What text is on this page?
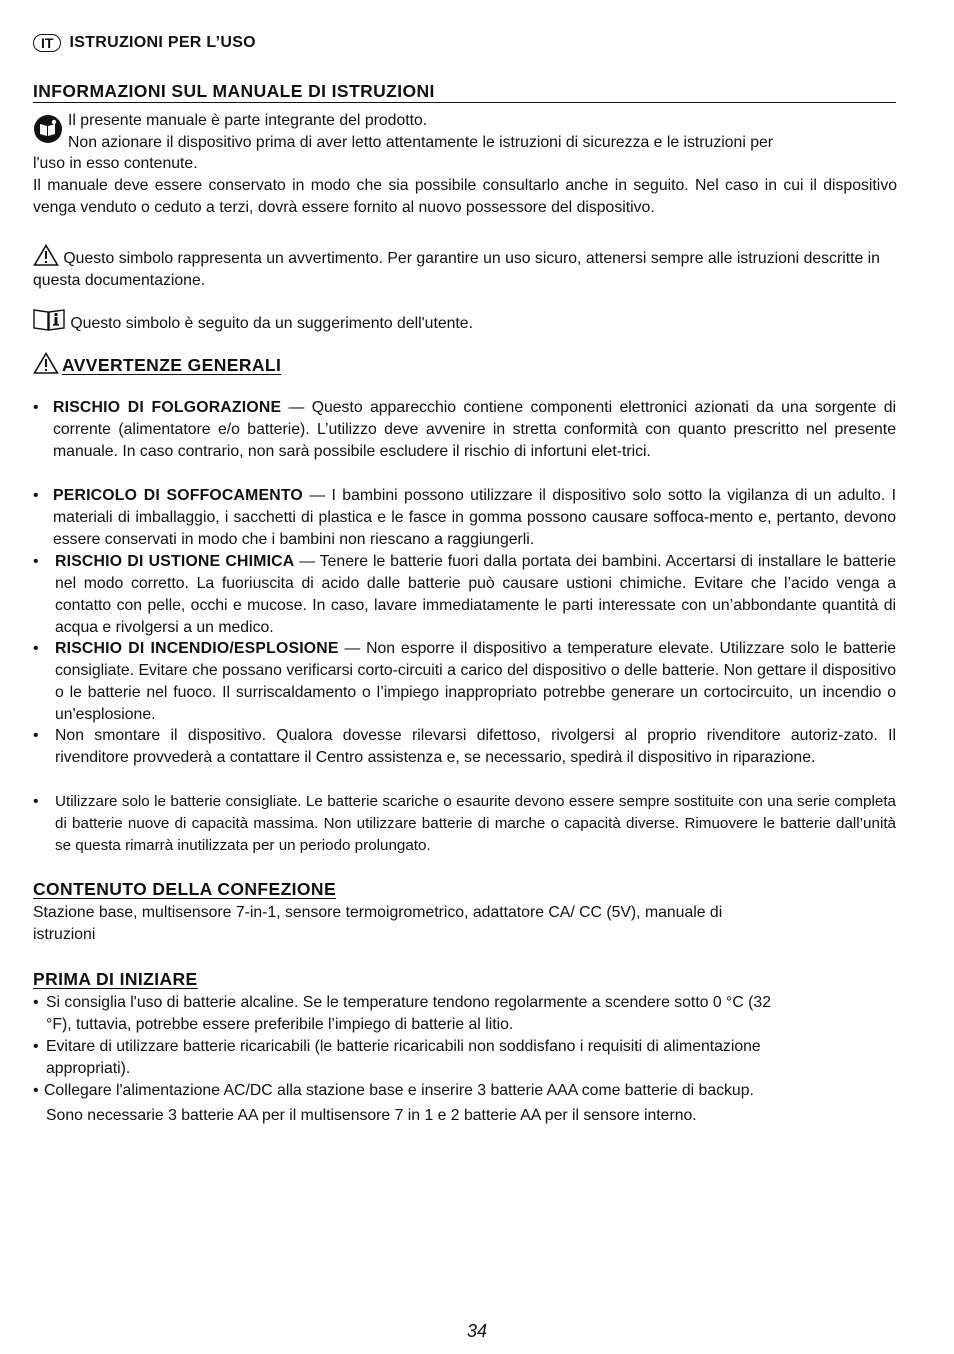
IT	ISTRUZIONI PER L’USO
INFORMAZIONI SUL MANUALE DI ISTRUZIONI
Il presente manuale è parte integrante del prodotto.
Non azionare il dispositivo prima di aver letto attentamente le istruzioni di sicurezza e le istruzioni per
l'uso in esso contenute.
Il manuale deve essere conservato in modo che sia possibile consultarlo anche in seguito. Nel caso in cui il dispositivo venga venduto o ceduto a terzi, dovrà essere fornito al nuovo possessore del dispositivo.
Questo simbolo rappresenta un avvertimento. Per garantire un uso sicuro, attenersi sempre alle istruzioni descritte in questa documentazione.
Questo simbolo è seguito da un suggerimento dell'utente.
AVVERTENZE GENERALI
• RISCHIO DI FOLGORAZIONE — Questo apparecchio contiene componenti elettronici azionati da una sorgente di corrente (alimentatore e/o batterie). L’utilizzo deve avvenire in stretta conformità con quanto prescritto nel presente manuale. In caso contrario, non sarà possibile escludere il rischio di infortuni elet-trici.
• PERICOLO DI SOFFOCAMENTO — I bambini possono utilizzare il dispositivo solo sotto la vigilanza di un adulto. I materiali di imballaggio, i sacchetti di plastica e le fasce in gomma possono causare soffoca-mento e, pertanto, devono essere conservati in modo che i bambini non riescano a raggiungerli.
• RISCHIO DI USTIONE CHIMICA — Tenere le batterie fuori dalla portata dei bambini. Accertarsi di installare le batterie nel modo corretto. La fuoriuscita di acido dalle batterie può causare ustioni chimiche. Evitare che l’acido venga a contatto con pelle, occhi e mucose. In caso, lavare immediatamente le parti interessate con un’abbondante quantità di acqua e rivolgersi a un medico.
• RISCHIO DI INCENDIO/ESPLOSIONE — Non esporre il dispositivo a temperature elevate. Utilizzare solo le batterie consigliate. Evitare che possano verificarsi corto-circuiti a carico del dispositivo o delle batterie. Non gettare il dispositivo o le batterie nel fuoco. Il surriscaldamento o l’impiego inappropriato potrebbe generare un cortocircuito, un incendio o un'esplosione.
• Non smontare il dispositivo. Qualora dovesse rilevarsi difettoso, rivolgersi al proprio rivenditore autoriz-zato. Il rivenditore provvederà a contattare il Centro assistenza e, se necessario, spedirà il dispositivo in riparazione.
• Utilizzare solo le batterie consigliate. Le batterie scariche o esaurite devono essere sempre sostituite con una serie completa di batterie nuove di capacità massima. Non utilizzare batterie di marche o capacità diverse. Rimuovere le batterie dall’unità se questa rimarrà inutilizzata per un periodo prolungato.
CONTENUTO DELLA CONFEZIONE
Stazione base, multisensore 7-in-1, sensore termoigrometrico, adattatore CA/ CC (5V), manuale di
istruzioni
PRIMA DI INIZIARE
• Si consiglia l'uso di batterie alcaline. Se le temperature tendono regolarmente a scendere sotto 0 °C (32
°F), tuttavia, potrebbe essere preferibile l’impiego di batterie al litio.
• Evitare di utilizzare batterie ricaricabili (le batterie ricaricabili non soddisfano i requisiti di alimentazione
appropriati).
• Collegare l'alimentazione AC/DC alla stazione base e inserire 3 batterie AAA come batterie di backup.
Sono necessarie 3 batterie AA per il multisensore 7 in 1 e 2 batterie AA per il sensore interno.
34
